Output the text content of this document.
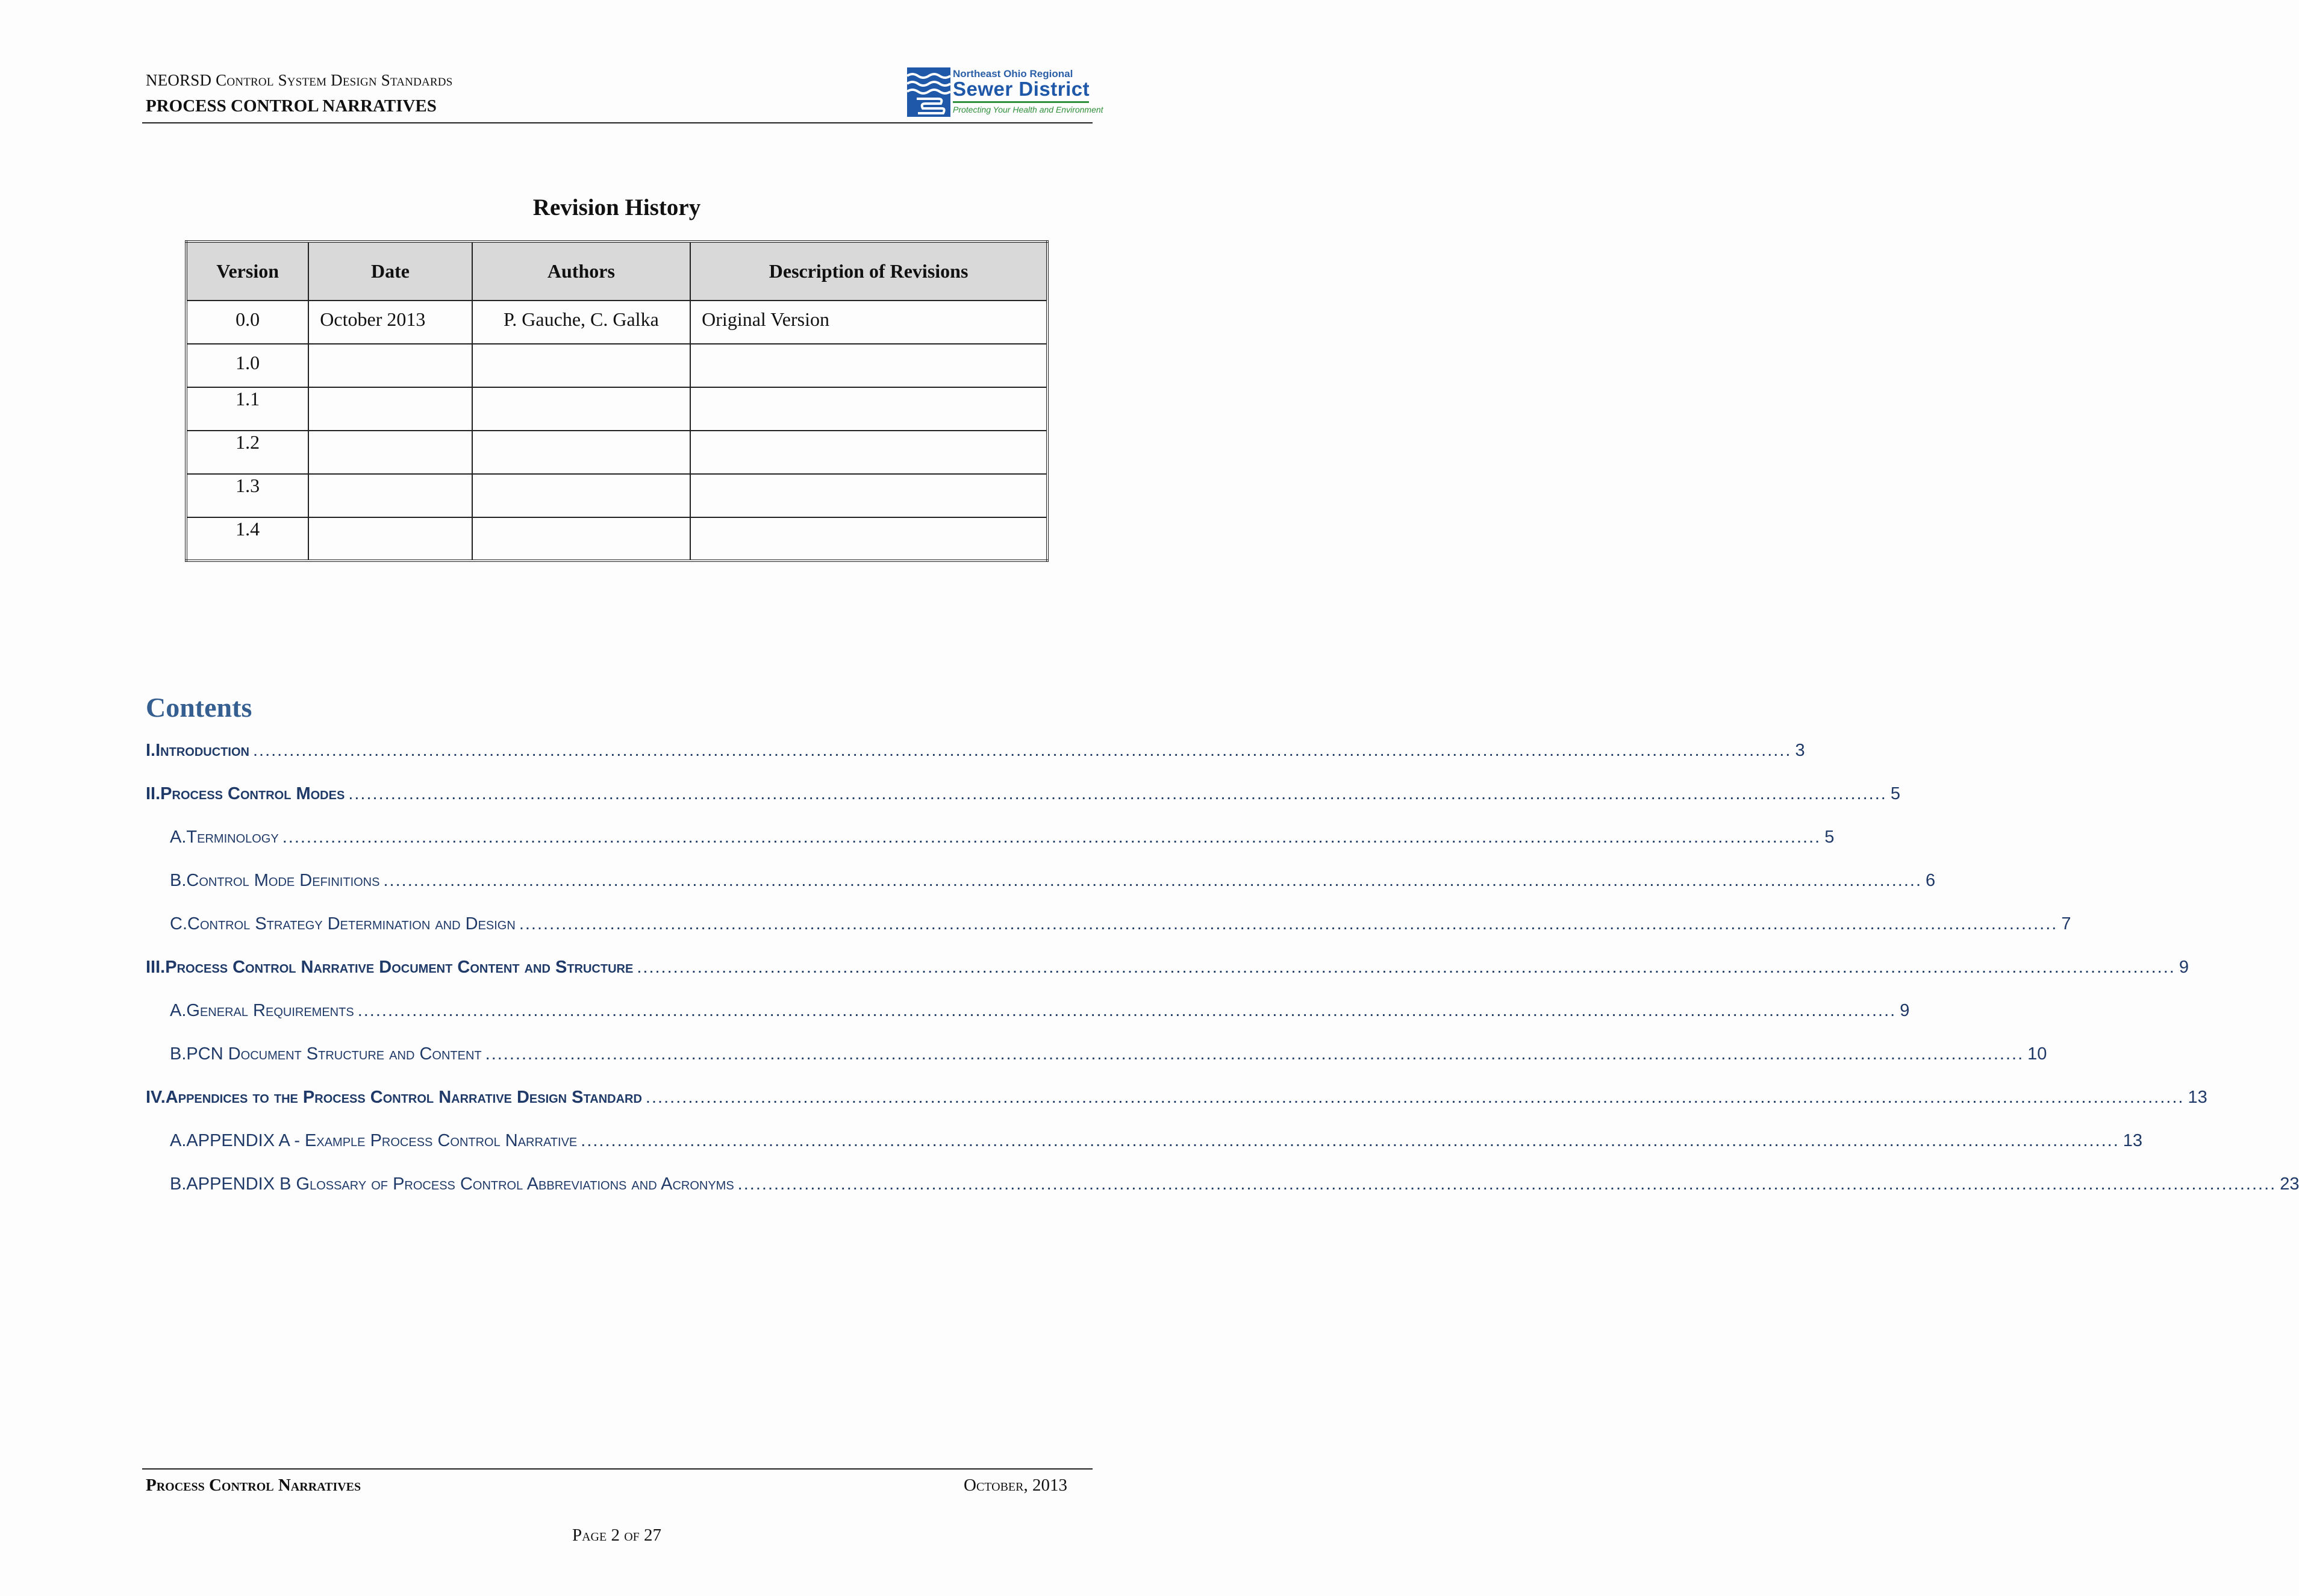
NEORSD Control System Design Standards
PROCESS CONTROL NARRATIVES
Northeast Ohio Regional
Sewer District
Protecting Your Health and Environment
Revision History
Version	Date	Authors	Description of Revisions
0.0	October 2013	P. Gauche, C. Galka	Original Version
1.0			
1.1			
1.2			
1.3			
1.4			
Contents
I. Introduction .............................................................................................................................................................................................................................................................. 3
II. Process Control Modes .............................................................................................................................................................................................................................................................. 5
A. Terminology .............................................................................................................................................................................................................................................................. 5
B. Control Mode Definitions .............................................................................................................................................................................................................................................................. 6
C. Control Strategy Determination and Design .............................................................................................................................................................................................................................................................. 7
III. Process Control Narrative Document Content and Structure .............................................................................................................................................................................................................................................................. 9
A. General Requirements .............................................................................................................................................................................................................................................................. 9
B. PCN Document Structure and Content .............................................................................................................................................................................................................................................................. 10
IV. Appendices to the Process Control Narrative Design Standard .............................................................................................................................................................................................................................................................. 13
A. APPENDIX A - Example Process Control Narrative .............................................................................................................................................................................................................................................................. 13
B. APPENDIX B Glossary of Process Control Abbreviations and Acronyms .............................................................................................................................................................................................................................................................. 23
Process Control Narratives	October, 2013
Page 2 of 27
